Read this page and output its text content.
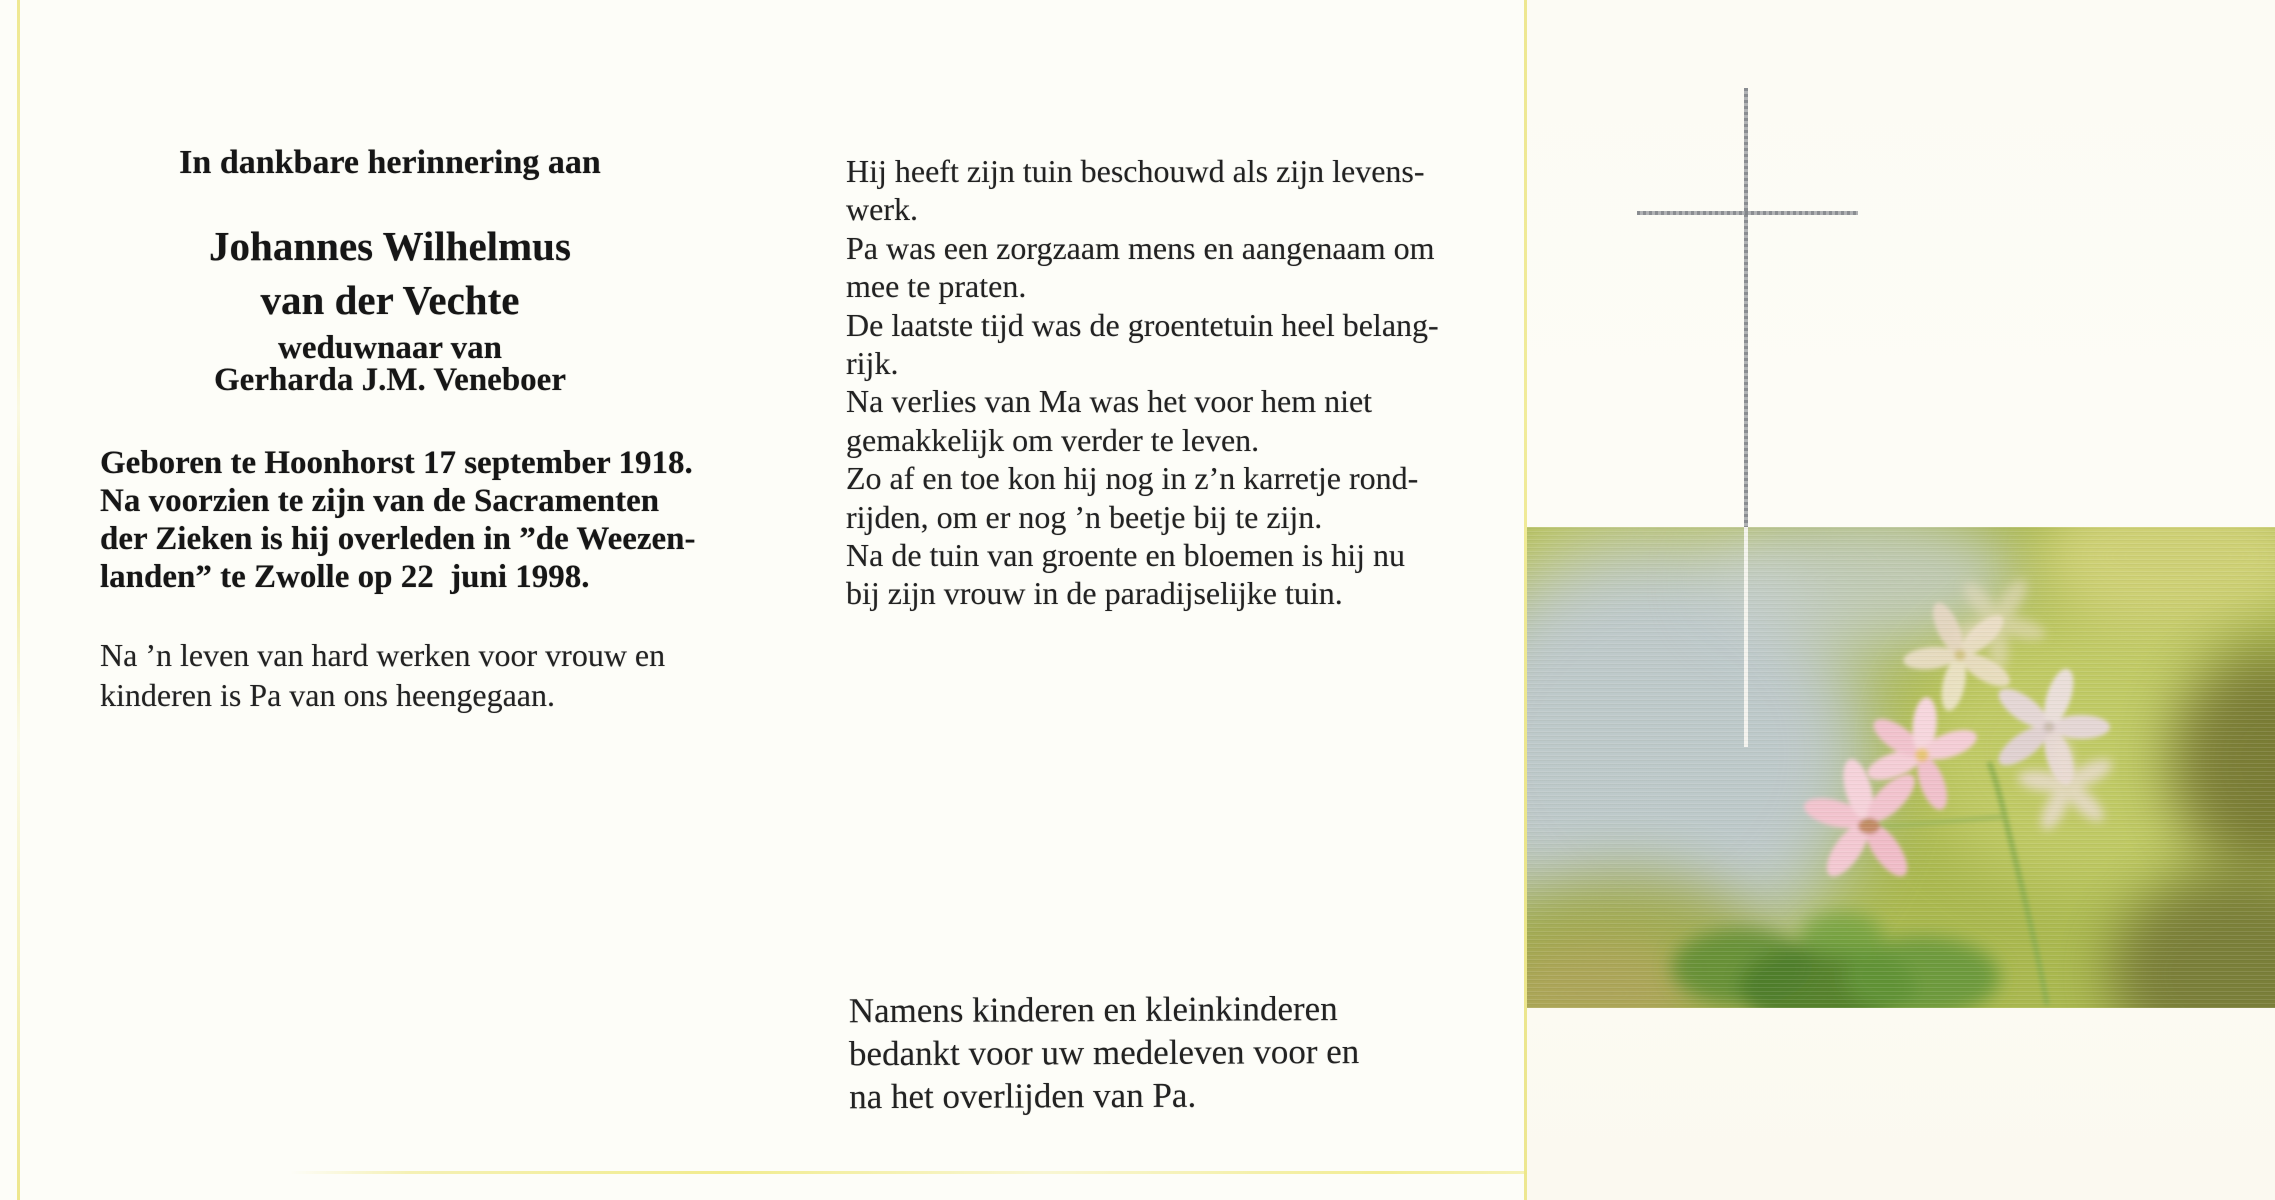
In dankbare herinnering aan
Johannes Wilhelmus
van der Vechte
weduwnaar van
Gerharda J.M. Veneboer
Geboren te Hoonhorst 17 september 1918.
Na voorzien te zijn van de Sacramenten
der Zieken is hij overleden in ”de Weezen-
landen” te Zwolle op 22  juni 1998.
Na ’n leven van hard werken voor vrouw en
kinderen is Pa van ons heengegaan.
Hij heeft zijn tuin beschouwd als zijn levens-
werk.
Pa was een zorgzaam mens en aangenaam om
mee te praten.
De laatste tijd was de groentetuin heel belang-
rijk.
Na verlies van Ma was het voor hem niet
gemakkelijk om verder te leven.
Zo af en toe kon hij nog in z’n karretje rond-
rijden, om er nog ’n beetje bij te zijn.
Na de tuin van groente en bloemen is hij nu
bij zijn vrouw in de paradijselijke tuin.
Namens kinderen en kleinkinderen
bedankt voor uw medeleven voor en
na het overlijden van Pa.
